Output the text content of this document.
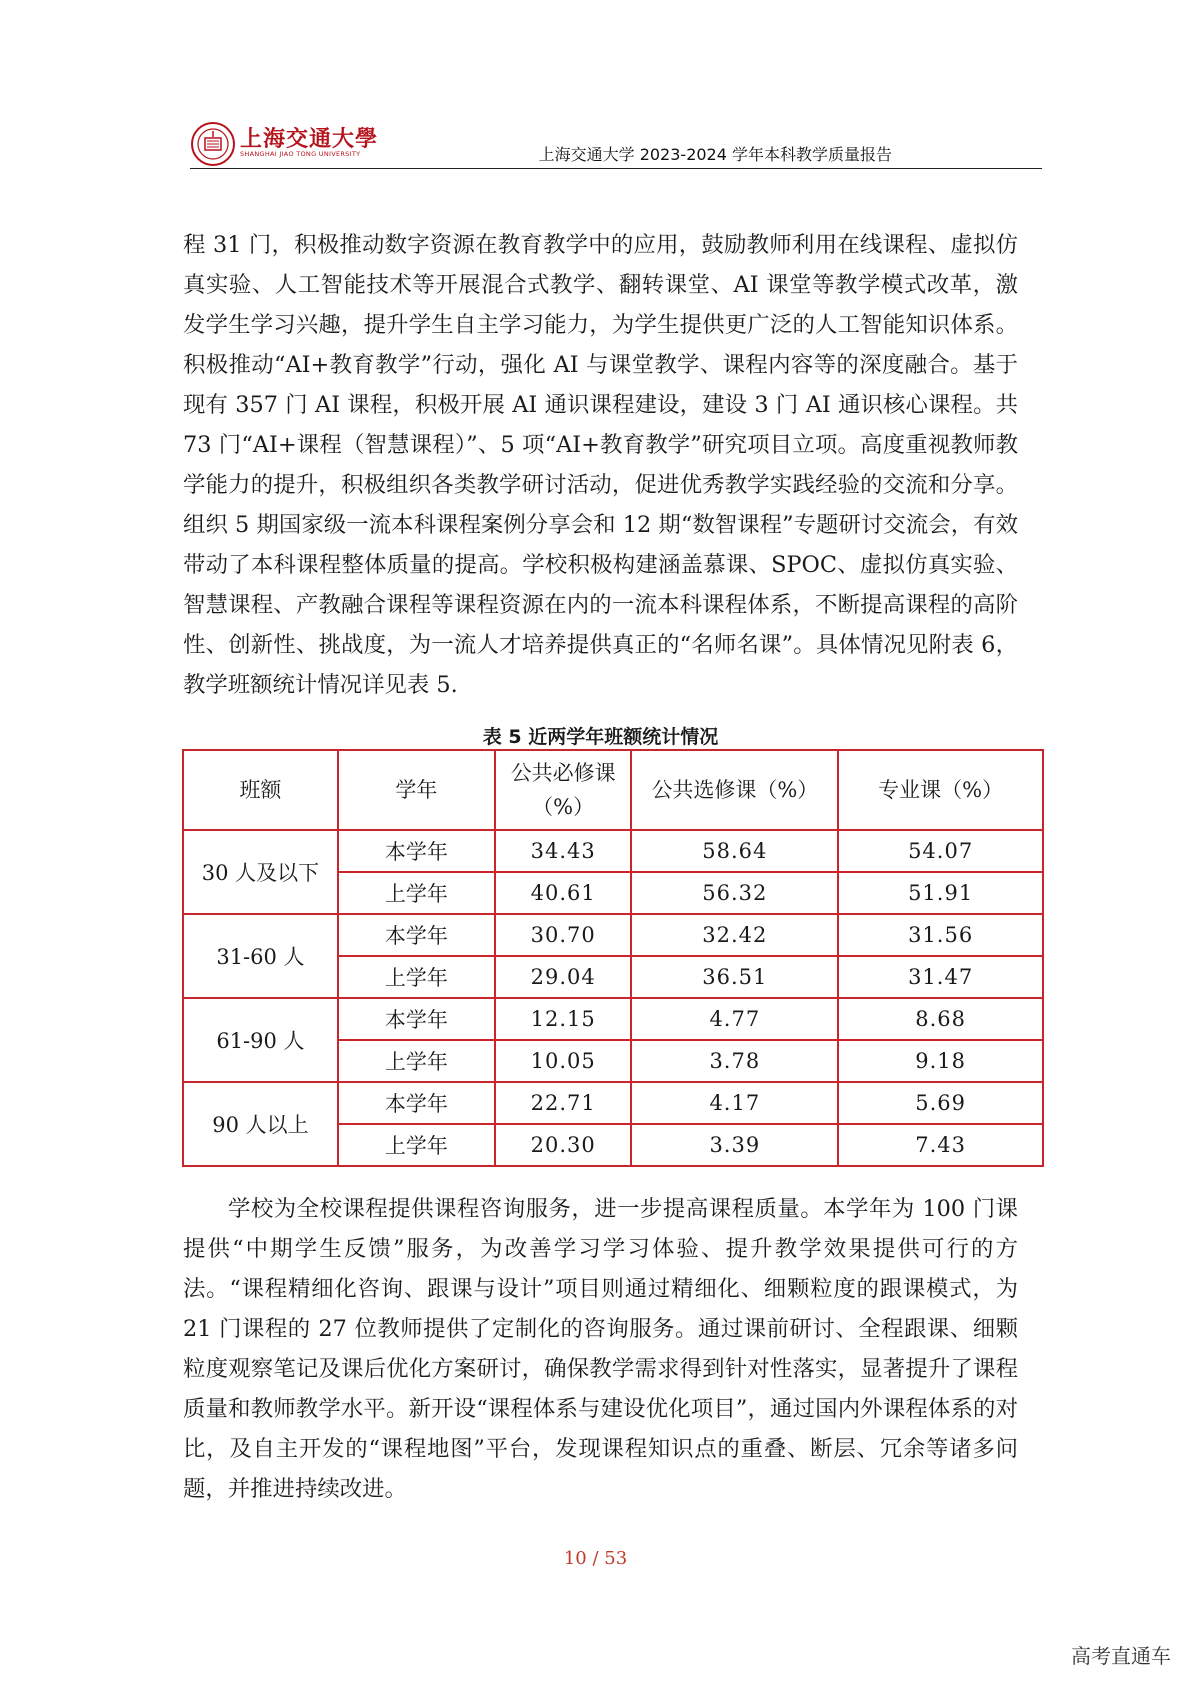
上海交通大學
SHANGHAI JIAO TONG UNIVERSITY	上海交通大学 2023-2024 学年本科教学质量报告

程 31 门，积极推动数字资源在教育教学中的应用，鼓励教师利用在线课程、虚拟仿真实验、人工智能技术等开展混合式教学、翻转课堂、AI 课堂等教学模式改革，激发学生学习兴趣，提升学生自主学习能力，为学生提供更广泛的人工智能知识体系。积极推动“AI+教育教学”行动，强化 AI 与课堂教学、课程内容等的深度融合。基于现有 357 门 AI 课程，积极开展 AI 通识课程建设，建设 3 门 AI 通识核心课程。共 73 门“AI+课程（智慧课程）”、5 项“AI+教育教学”研究项目立项。高度重视教师教学能力的提升，积极组织各类教学研讨活动，促进优秀教学实践经验的交流和分享。组织 5 期国家级一流本科课程案例分享会和 12 期“数智课程”专题研讨交流会，有效带动了本科课程整体质量的提高。学校积极构建涵盖慕课、SPOC、虚拟仿真实验、智慧课程、产教融合课程等课程资源在内的一流本科课程体系，不断提高课程的高阶性、创新性、挑战度，为一流人才培养提供真正的“名师名课”。具体情况见附表 6，教学班额统计情况详见表 5.

表 5 近两学年班额统计情况
班额	学年	公共必修课（%）	公共选修课（%）	专业课（%）
30 人及以下	本学年	34.43	58.64	54.07
	上学年	40.61	56.32	51.91
31-60 人	本学年	30.70	32.42	31.56
	上学年	29.04	36.51	31.47
61-90 人	本学年	12.15	4.77	8.68
	上学年	10.05	3.78	9.18
90 人以上	本学年	22.71	4.17	5.69
	上学年	20.30	3.39	7.43

学校为全校课程提供课程咨询服务，进一步提高课程质量。本学年为 100 门课提供“中期学生反馈”服务，为改善学习学习体验、提升教学效果提供可行的方法。“课程精细化咨询、跟课与设计”项目则通过精细化、细颗粒度的跟课模式，为 21 门课程的 27 位教师提供了定制化的咨询服务。通过课前研讨、全程跟课、细颗粒度观察笔记及课后优化方案研讨，确保教学需求得到针对性落实，显著提升了课程质量和教师教学水平。新开设“课程体系与建设优化项目”，通过国内外课程体系的对比，及自主开发的“课程地图”平台，发现课程知识点的重叠、断层、冗余等诸多问题，并推进持续改进。

10 / 53
高考直通车
